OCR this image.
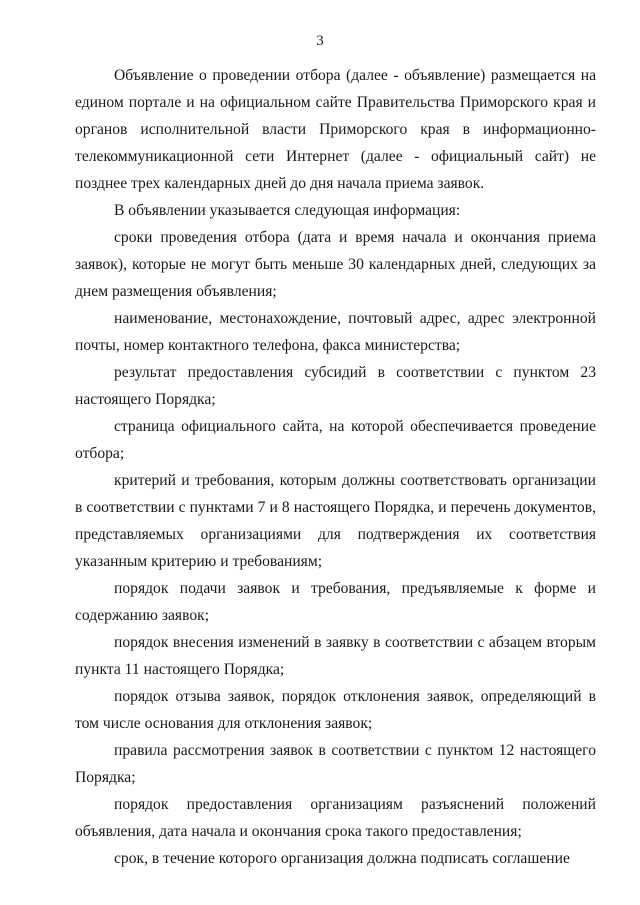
3

Объявление о проведении отбора (далее - объявление) размещается на едином портале и на официальном сайте Правительства Приморского края и органов исполнительной власти Приморского края в информационно-телекоммуникационной сети Интернет (далее - официальный сайт) не позднее трех календарных дней до дня начала приема заявок.

В объявлении указывается следующая информация:

сроки проведения отбора (дата и время начала и окончания приема заявок), которые не могут быть меньше 30 календарных дней, следующих за днем размещения объявления;

наименование, местонахождение, почтовый адрес, адрес электронной почты, номер контактного телефона, факса министерства;

результат предоставления субсидий в соответствии с пунктом 23 настоящего Порядка;

страница официального сайта, на которой обеспечивается проведение отбора;

критерий и требования, которым должны соответствовать организации в соответствии с пунктами 7 и 8 настоящего Порядка, и перечень документов, представляемых организациями для подтверждения их соответствия указанным критерию и требованиям;

порядок подачи заявок и требования, предъявляемые к форме и содержанию заявок;

порядок внесения изменений в заявку в соответствии с абзацем вторым пункта 11 настоящего Порядка;

порядок отзыва заявок, порядок отклонения заявок, определяющий в том числе основания для отклонения заявок;

правила рассмотрения заявок в соответствии с пунктом 12 настоящего Порядка;

порядок предоставления организациям разъяснений положений объявления, дата начала и окончания срока такого предоставления;

срок, в течение которого организация должна подписать соглашение
